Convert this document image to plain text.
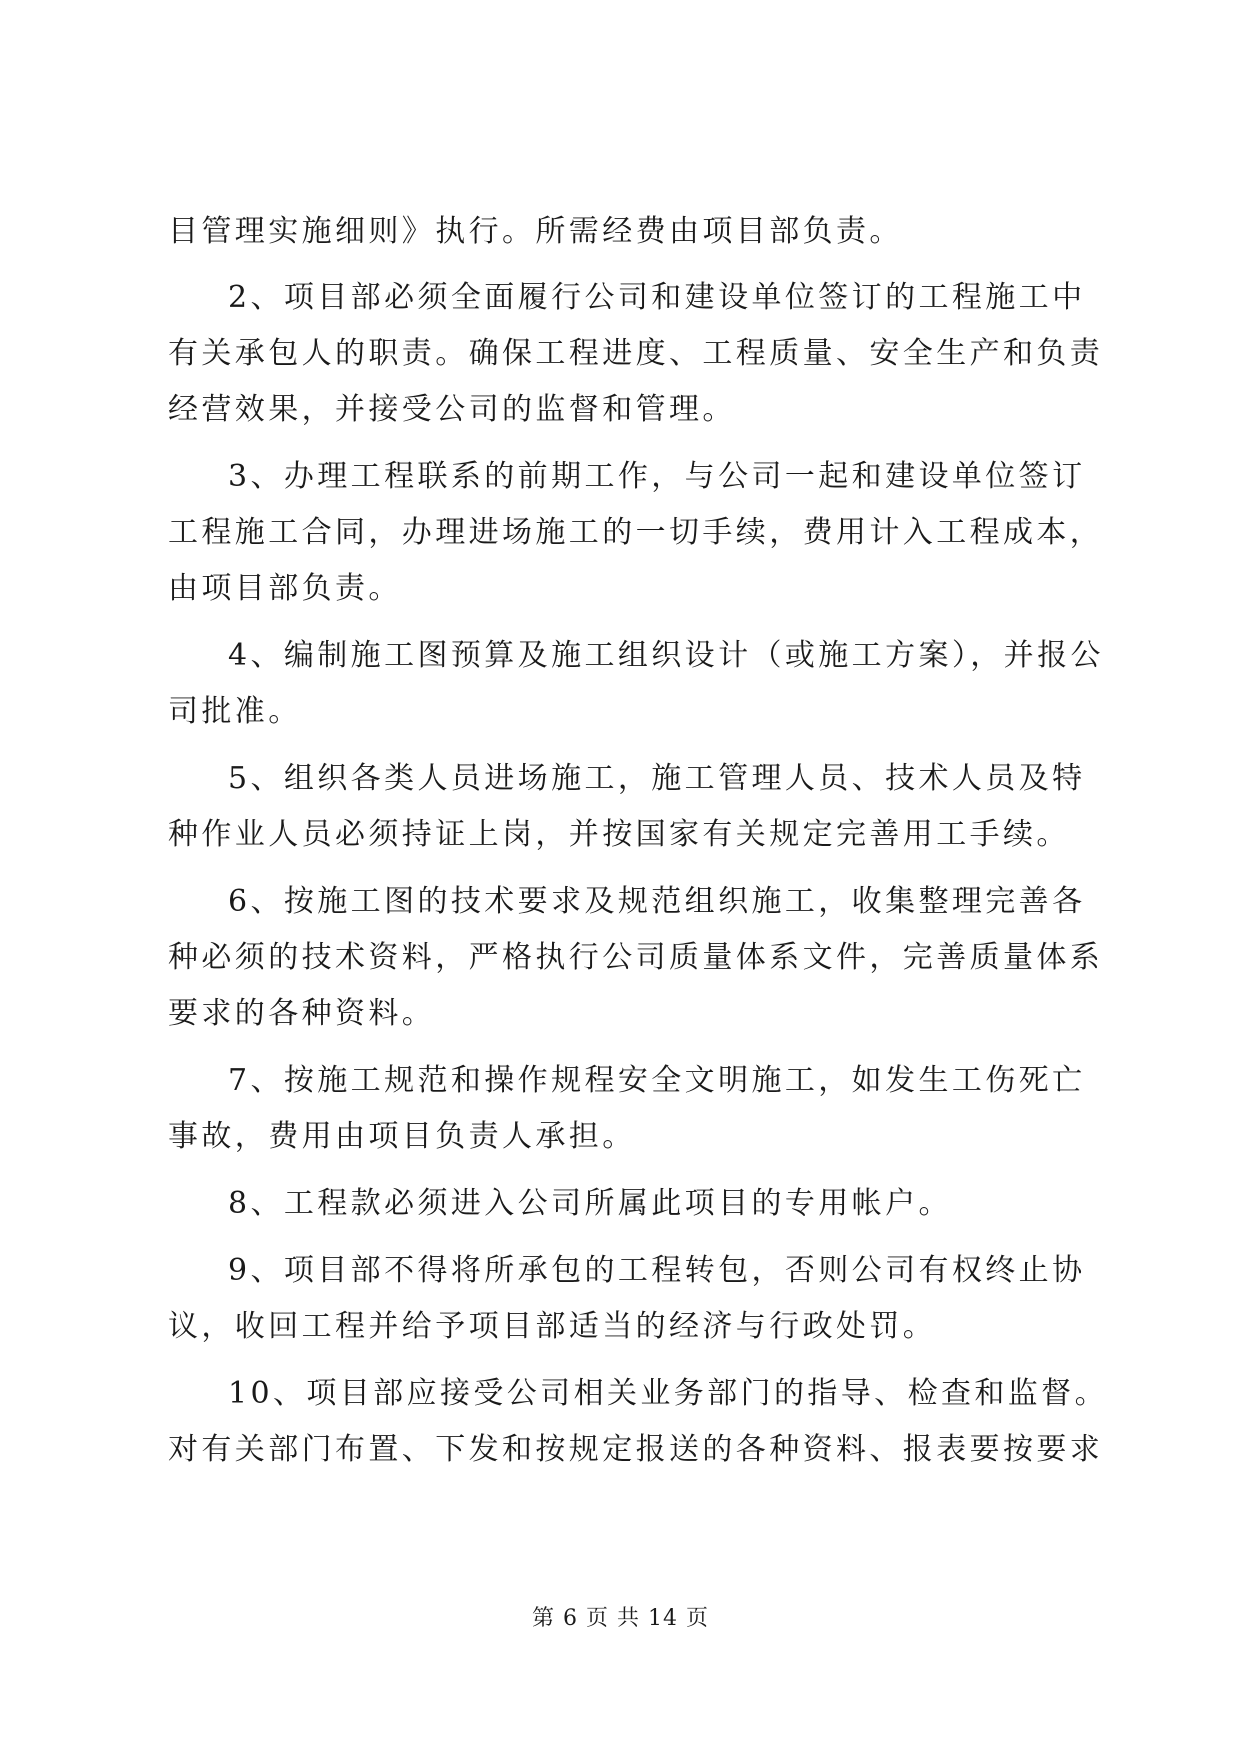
目管理实施细则》执行。所需经费由项目部负责。
2、项目部必须全面履行公司和建设单位签订的工程施工中
有关承包人的职责。确保工程进度、工程质量、安全生产和负责
经营效果，并接受公司的监督和管理。
3、办理工程联系的前期工作，与公司一起和建设单位签订
工程施工合同，办理进场施工的一切手续，费用计入工程成本，
由项目部负责。
4、编制施工图预算及施工组织设计（或施工方案），并报公
司批准。
5、组织各类人员进场施工，施工管理人员、技术人员及特
种作业人员必须持证上岗，并按国家有关规定完善用工手续。
6、按施工图的技术要求及规范组织施工，收集整理完善各
种必须的技术资料，严格执行公司质量体系文件，完善质量体系
要求的各种资料。
7、按施工规范和操作规程安全文明施工，如发生工伤死亡
事故，费用由项目负责人承担。
8、工程款必须进入公司所属此项目的专用帐户。
9、项目部不得将所承包的工程转包，否则公司有权终止协
议，收回工程并给予项目部适当的经济与行政处罚。
10、项目部应接受公司相关业务部门的指导、检查和监督。
对有关部门布置、下发和按规定报送的各种资料、报表要按要求
第 6 页 共 14 页
